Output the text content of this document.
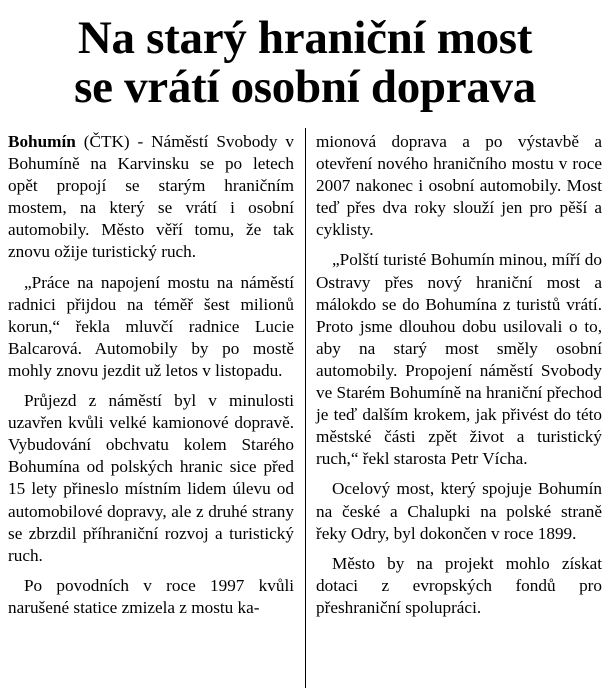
Na starý hraniční most
se vrátí osobní doprava

Bohumín (ČTK) - Náměstí Svobody v Bohumíně na Karvinsku se po letech opět propojí se starým hraničním mostem, na který se vrátí i osobní automobily. Město věří tomu, že tak znovu ožije turistický ruch.

„Práce na napojení mostu na náměstí radnici přijdou na téměř šest milionů korun,“ řekla mluvčí radnice Lucie Balcarová. Automobily by po mostě mohly znovu jezdit už letos v listopadu.

Průjezd z náměstí byl v minulosti uzavřen kvůli velké kamionové dopravě. Vybudování obchvatu kolem Starého Bohumína od polských hranic sice před 15 lety přineslo místním lidem úlevu od automobilové dopravy, ale z druhé strany se zbrzdil příhraniční rozvoj a turistický ruch.

Po povodních v roce 1997 kvůli narušené statice zmizela z mostu ka-

mionová doprava a po výstavbě a otevření nového hraničního mostu v roce 2007 nakonec i osobní automobily. Most teď přes dva roky slouží jen pro pěší a cyklisty.

„Polští turisté Bohumín minou, míří do Ostravy přes nový hraniční most a málokdo se do Bohumína z turistů vrátí. Proto jsme dlouhou dobu usilovali o to, aby na starý most směly osobní automobily. Propojení náměstí Svobody ve Starém Bohumíně na hraniční přechod je teď dalším krokem, jak přivést do této městské části zpět život a turistický ruch,“ řekl starosta Petr Vícha.

Ocelový most, který spojuje Bohumín na české a Chalupki na polské straně řeky Odry, byl dokončen v roce 1899.

Město by na projekt mohlo získat dotaci z evropských fondů pro přeshraniční spolupráci.
